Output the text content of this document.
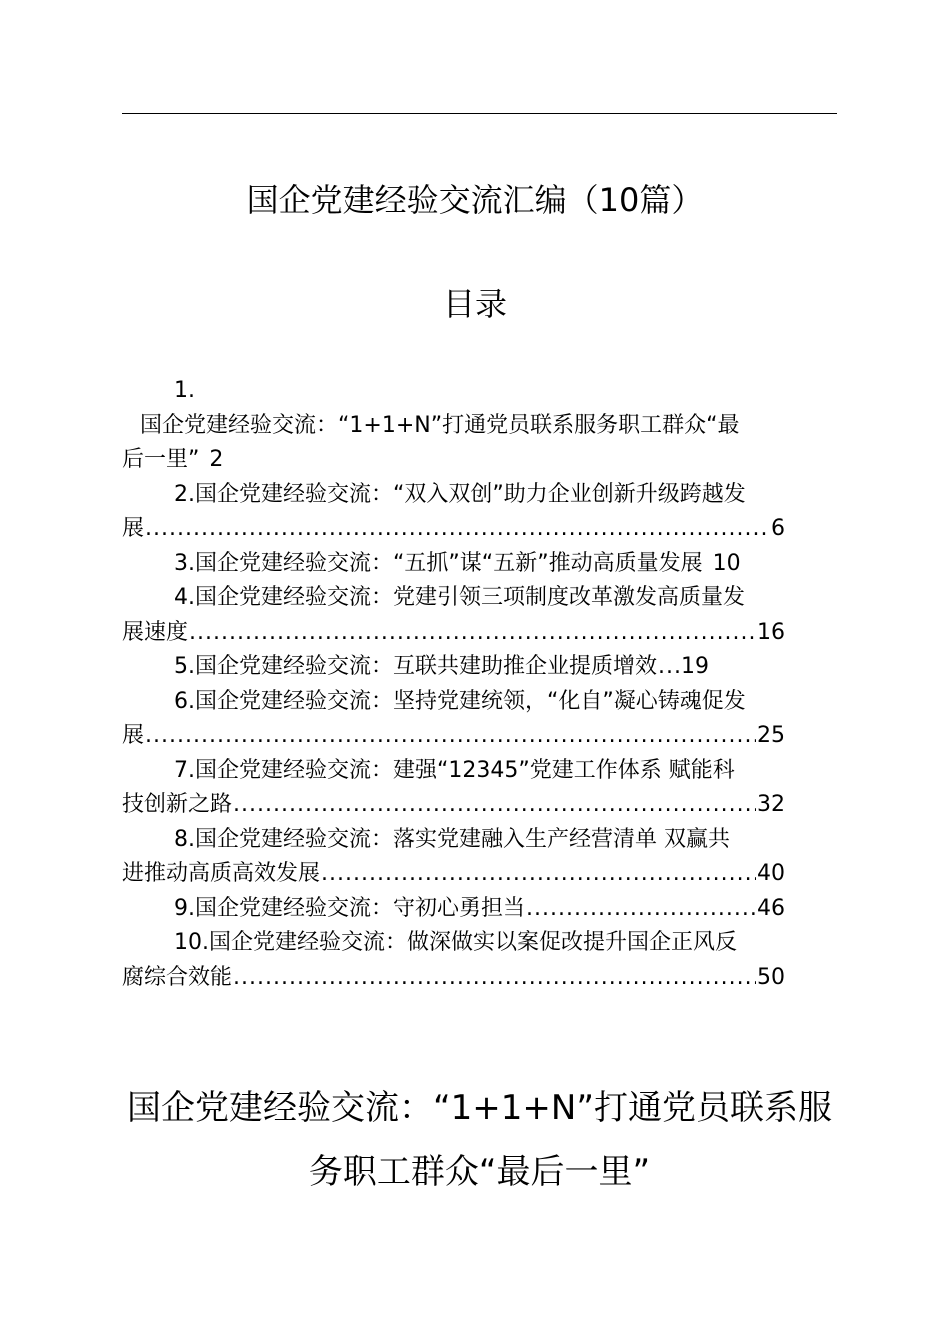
国企党建经验交流汇编（10篇）
目录
1.
国企党建经验交流：“1+1+N”打通党员联系服务职工群众“最
后一里” 2
2. 国企党建经验交流：“双入双创”助力企业创新升级跨越发
展 .....	6
3. 国企党建经验交流：“五抓”谋“五新”推动高质量发展 10
4. 国企党建经验交流：党建引领三项制度改革激发高质量发
展速度 .....	16
5. 国企党建经验交流：互联共建助推企业提质增效 ..... 19
6. 国企党建经验交流：坚持党建统领，“化自”凝心铸魂促发
展 .....	25
7. 国企党建经验交流：建强“12345”党建工作体系 赋能科
技创新之路 .....	32
8. 国企党建经验交流：落实党建融入生产经营清单 双赢共
进推动高质高效发展 .....	40
9. 国企党建经验交流：守初心勇担当 .....	46
10. 国企党建经验交流：做深做实以案促改提升国企正风反
腐综合效能 .....	50
国企党建经验交流：“1+1+N”打通党员联系服
务职工群众“最后一里”
